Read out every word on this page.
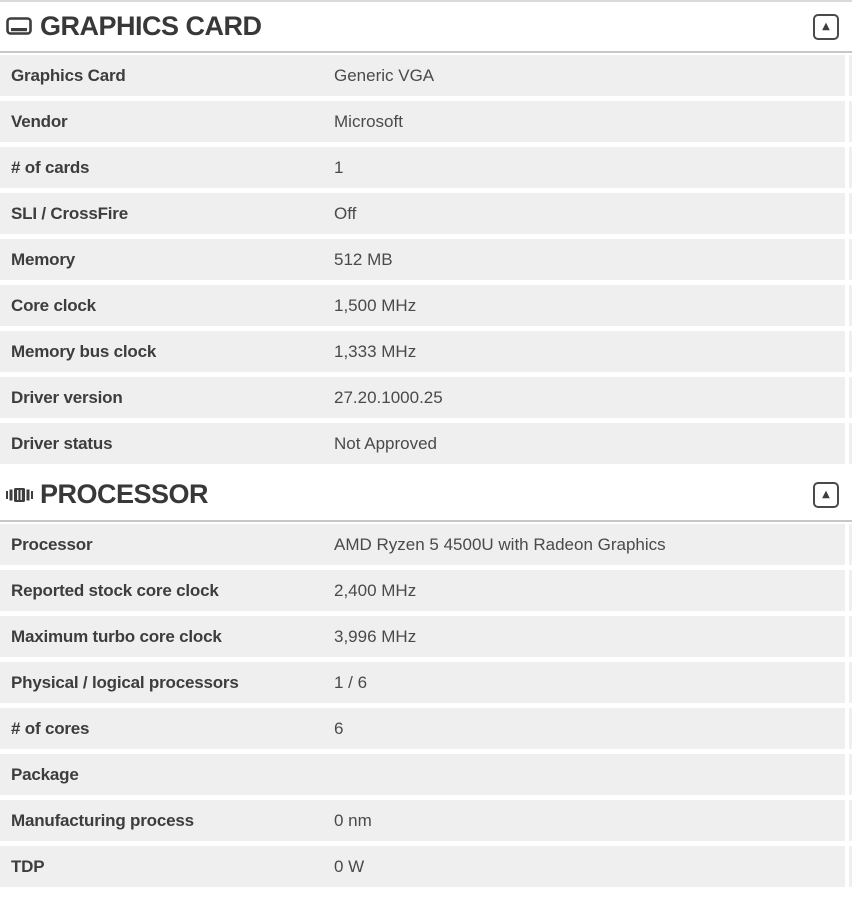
GRAPHICS CARD	▲
Graphics Card	Generic VGA
Vendor	Microsoft
# of cards	1
SLI / CrossFire	Off
Memory	512 MB
Core clock	1,500 MHz
Memory bus clock	1,333 MHz
Driver version	27.20.1000.25
Driver status	Not Approved
PROCESSOR	▲
Processor	AMD Ryzen 5 4500U with Radeon Graphics
Reported stock core clock	2,400 MHz
Maximum turbo core clock	3,996 MHz
Physical / logical processors	1 / 6
# of cores	6
Package
Manufacturing process	0 nm
TDP	0 W
